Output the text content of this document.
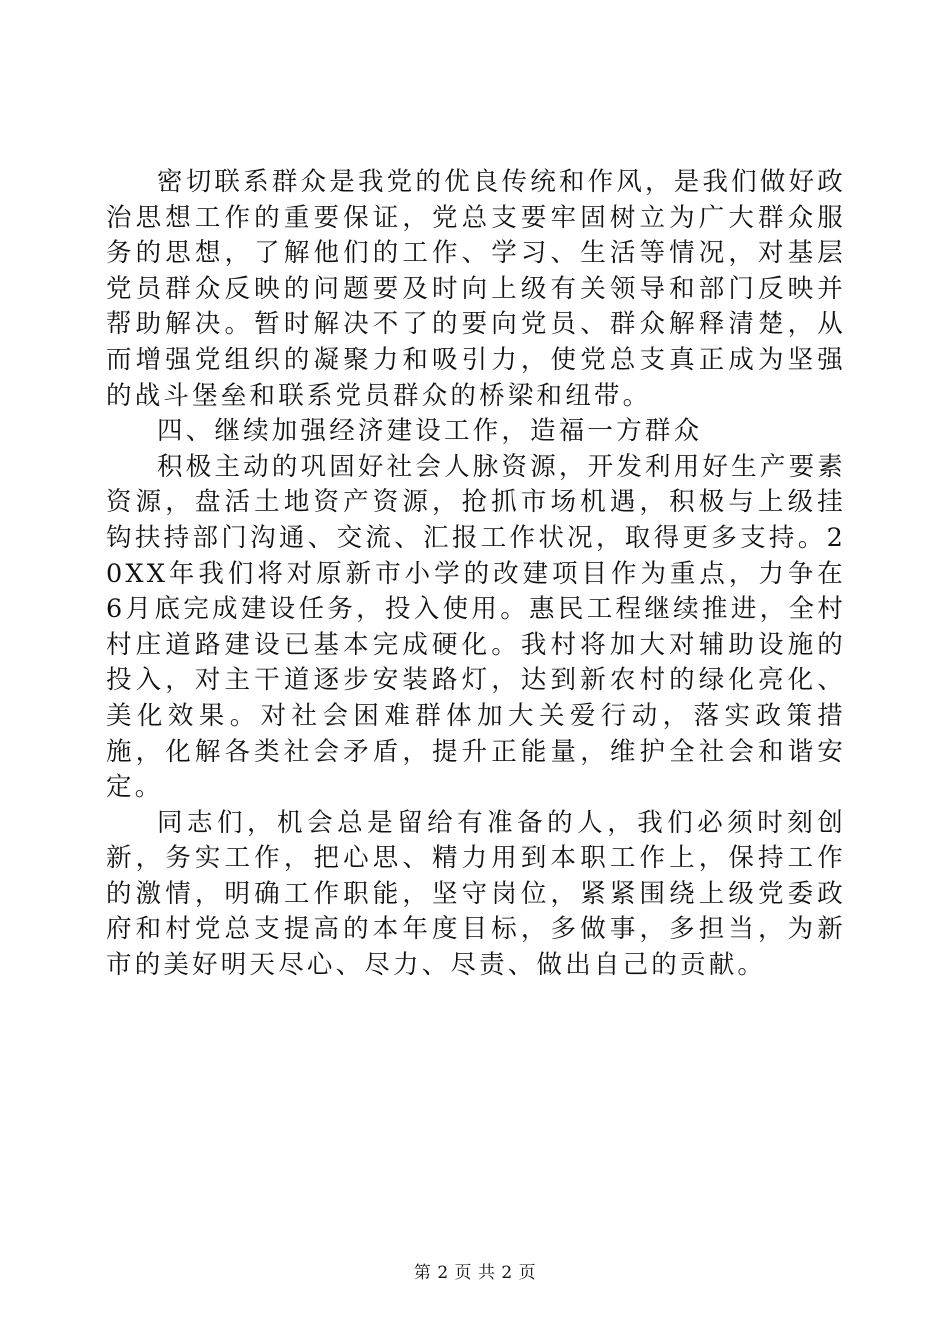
密切联系群众是我党的优良传统和作风，是我们做好政治思想工作的重要保证，党总支要牢固树立为广大群众服务的思想，了解他们的工作、学习、生活等情况，对基层党员群众反映的问题要及时向上级有关领导和部门反映并帮助解决。暂时解决不了的要向党员、群众解释清楚，从而增强党组织的凝聚力和吸引力，使党总支真正成为坚强的战斗堡垒和联系党员群众的桥梁和纽带。

四、继续加强经济建设工作，造福一方群众

积极主动的巩固好社会人脉资源，开发利用好生产要素资源，盘活土地资产资源，抢抓市场机遇，积极与上级挂钩扶持部门沟通、交流、汇报工作状况，取得更多支持。20XX年我们将对原新市小学的改建项目作为重点，力争在6月底完成建设任务，投入使用。惠民工程继续推进，全村村庄道路建设已基本完成硬化。我村将加大对辅助设施的投入，对主干道逐步安装路灯，达到新农村的绿化亮化、美化效果。对社会困难群体加大关爱行动，落实政策措施，化解各类社会矛盾，提升正能量，维护全社会和谐安定。

同志们，机会总是留给有准备的人，我们必须时刻创新，务实工作，把心思、精力用到本职工作上，保持工作的激情，明确工作职能，坚守岗位，紧紧围绕上级党委政府和村党总支提高的本年度目标，多做事，多担当，为新市的美好明天尽心、尽力、尽责、做出自己的贡献。

第 2 页 共 2 页
